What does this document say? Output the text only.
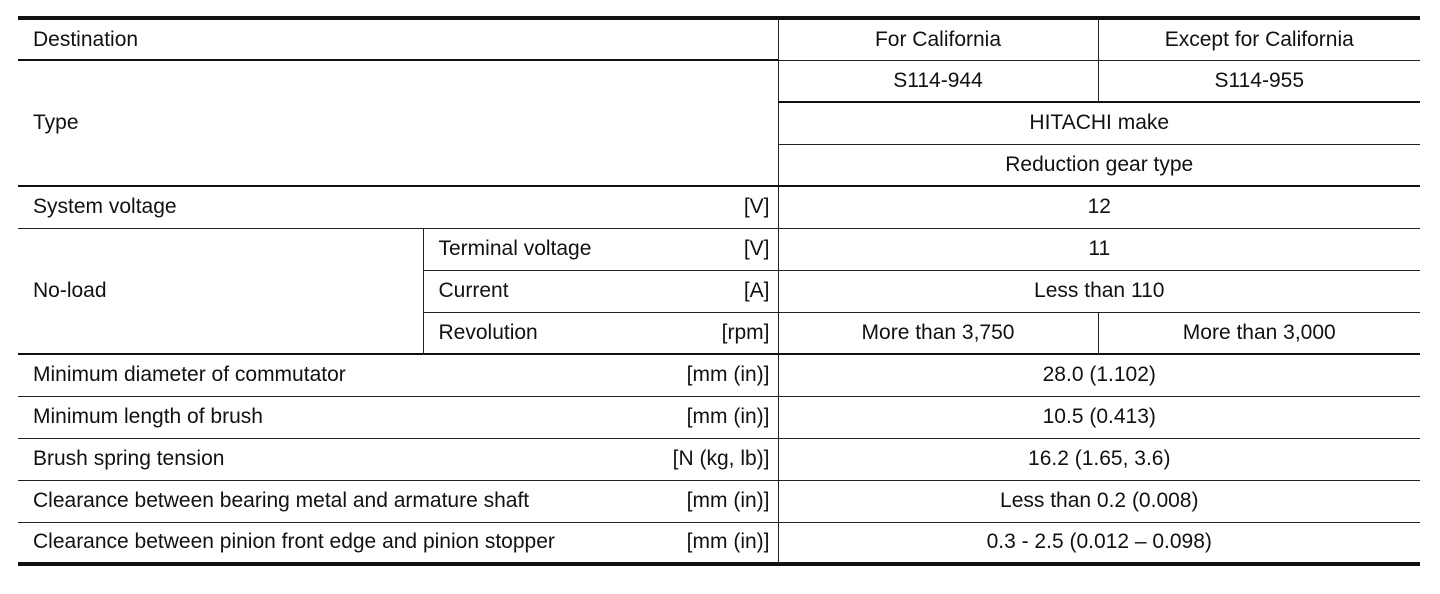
Destination		For California	Except for California
Type		S114-944	S114-955
		HITACHI make	
		Reduction gear type	

System voltage [V]		12	
No-load	Terminal voltage [V]	11	

	Current [A]	Less than 110	

	Revolution [rpm]	More than 3,750	More than 3,000

Minimum diameter of commutator [mm (in)]		28.0 (1.102)	

Minimum length of brush [mm (in)]		10.5 (0.413)	

Brush spring tension [N (kg, lb)]		16.2 (1.65, 3.6)	

Clearance between bearing metal and armature shaft [mm (in)]		Less than 0.2 (0.008)	

Clearance between pinion front edge and pinion stopper [mm (in)]		0.3 - 2.5 (0.012 – 0.098)	
